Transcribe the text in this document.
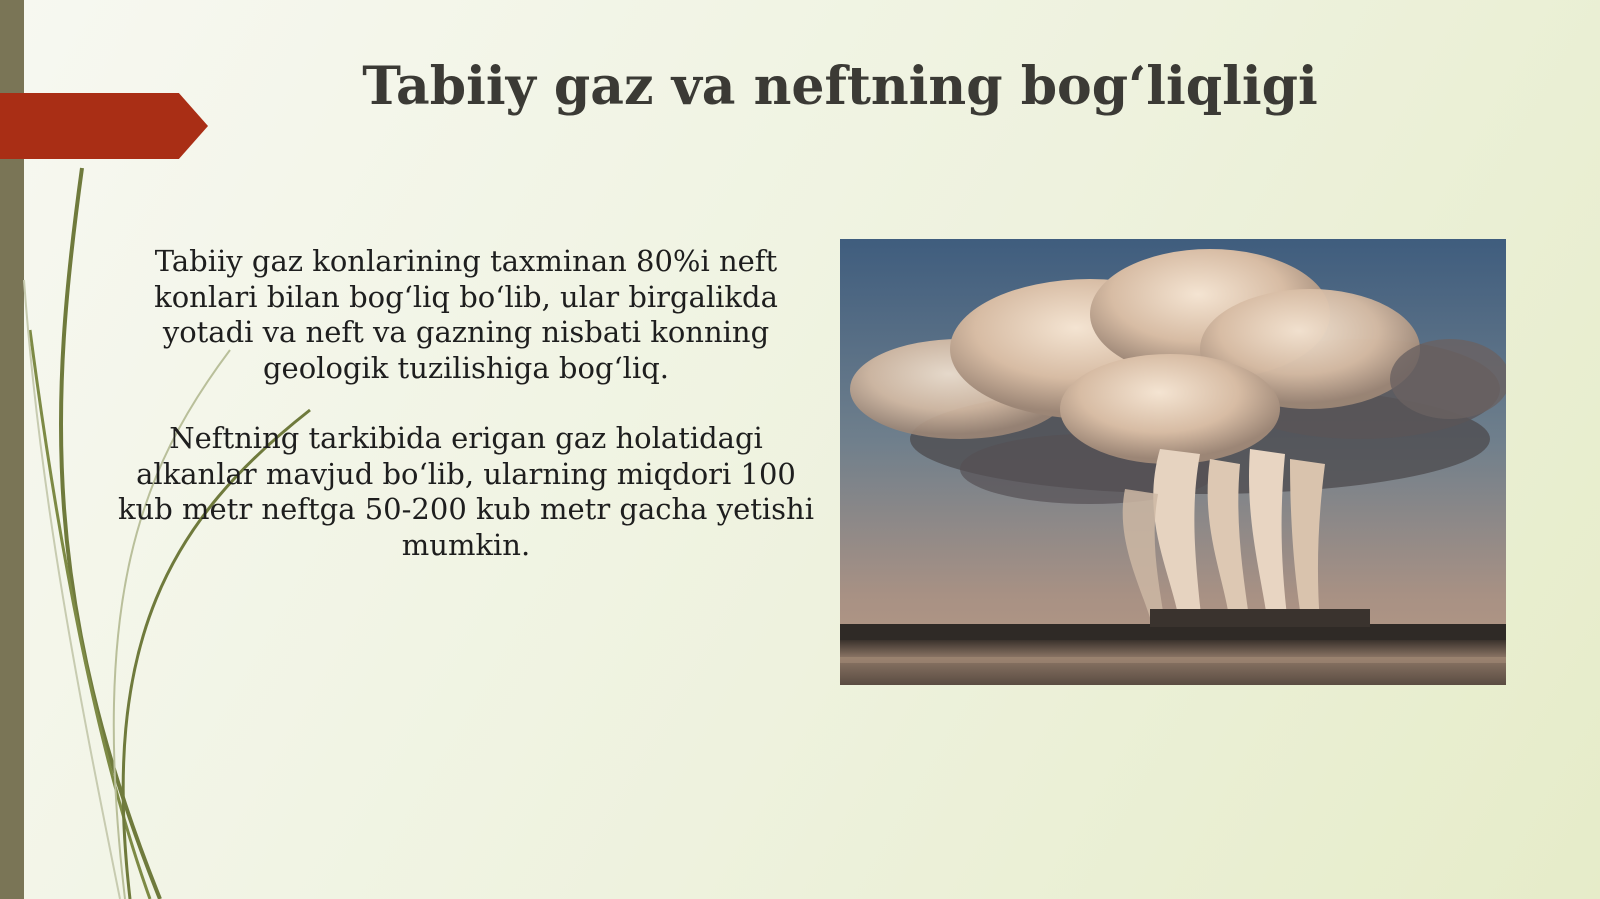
Tabiiy gaz va neftning bog‘liqligi

Tabiiy gaz konlarining taxminan 80%i neft konlari bilan bog‘liq bo‘lib, ular birgalikda yotadi va neft va gazning nisbati konning geologik tuzilishiga bog‘liq.

Neftning tarkibida erigan gaz holatidagi alkanlar mavjud bo‘lib, ularning miqdori 100 kub metr neftga 50-200 kub metr gacha yetishi mumkin.
